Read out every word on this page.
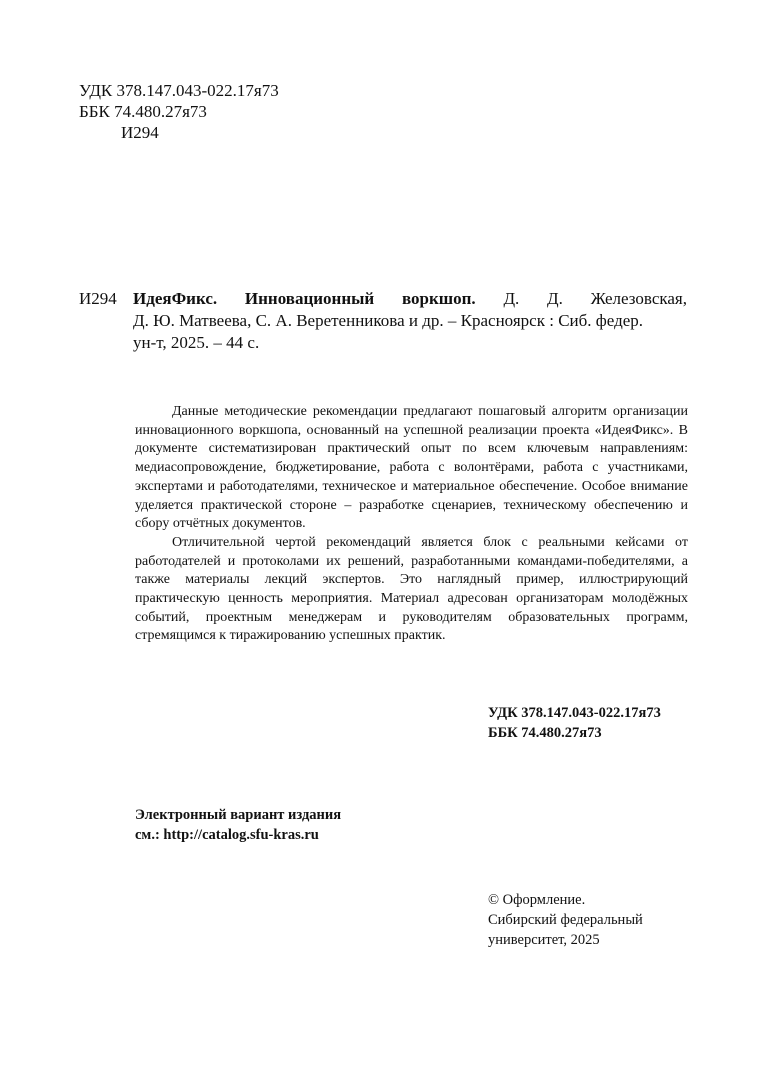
УДК 378.147.043-022.17я73
ББК 74.480.27я73
И294
И294 ИдеяФикс. Инновационный воркшоп. Д. Д. Железовская,
Д. Ю. Матвеева, С. А. Веретенникова и др. – Красноярск : Сиб. федер.
ун-т, 2025. – 44 с.

Данные методические рекомендации предлагают пошаговый алгоритм организации инновационного воркшопа, основанный на успешной реализации проекта «ИдеяФикс». В документе систематизирован практический опыт по всем ключевым направлениям: медиасопровождение, бюджетирование, работа с волонтёрами, работа с участниками, экспертами и работодателями, техническое и материальное обеспечение. Особое внимание уделяется практической стороне – разработке сценариев, техническому обеспечению и сбору отчётных документов.

Отличительной чертой рекомендаций является блок с реальными кейсами от работодателей и протоколами их решений, разработанными командами-победителями, а также материалы лекций экспертов. Это наглядный пример, иллюстрирующий практическую ценность мероприятия. Материал адресован организаторам молодёжных событий, проектным менеджерам и руководителям образовательных программ, стремящимся к тиражированию успешных практик.

УДК 378.147.043-022.17я73
ББК 74.480.27я73
Электронный вариант издания
см.: http://catalog.sfu-kras.ru
© Оформление.
Сибирский федеральный
университет, 2025
